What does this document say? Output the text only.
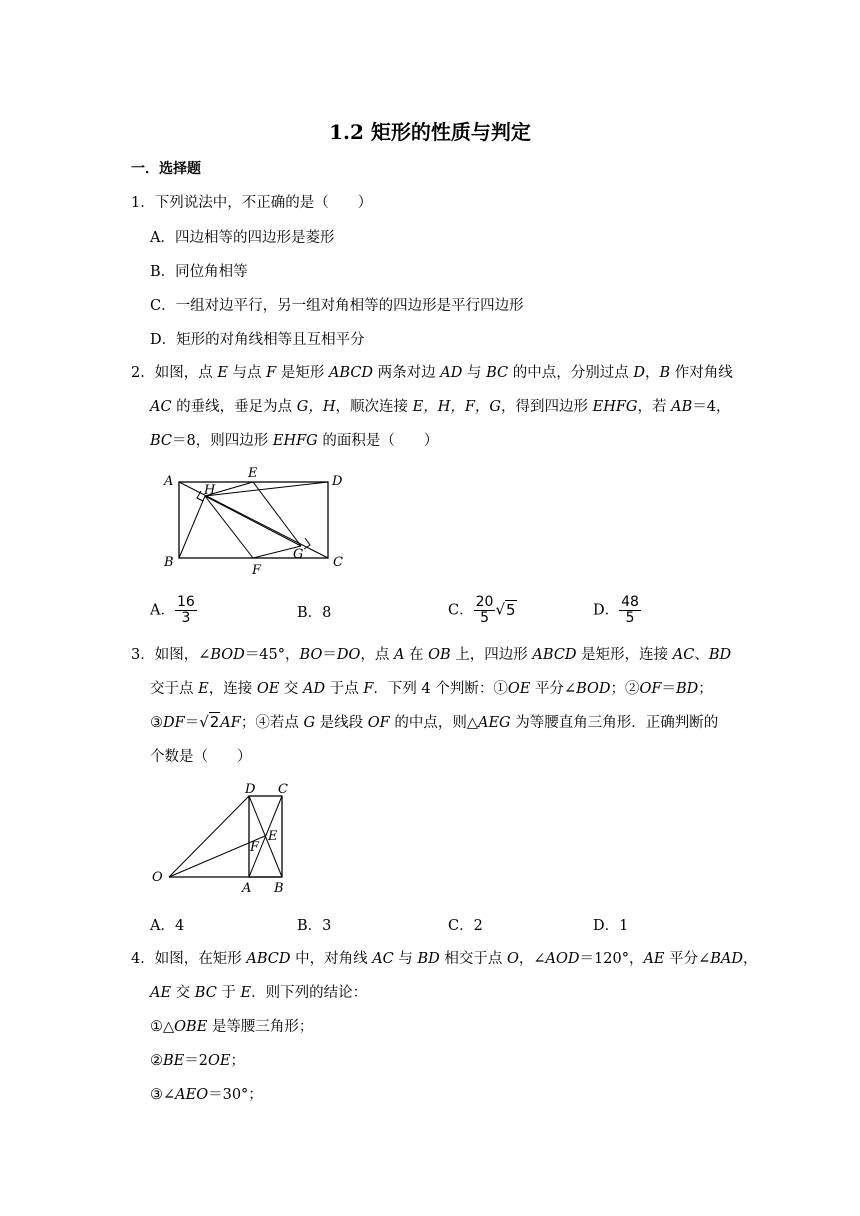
1.2 矩形的性质与判定
一．选择题
1．下列说法中，不正确的是（　　）
A．四边相等的四边形是菱形
B．同位角相等
C．一组对边平行，另一组对角相等的四边形是平行四边形
D．矩形的对角线相等且互相平分
2．如图，点 E 与点 F 是矩形 ABCD 两条对边 AD 与 BC 的中点，分别过点 D，B 作对角线
AC 的垂线，垂足为点 G，H，顺次连接 E，H，F，G，得到四边形 EHFG，若 AB＝4，
BC＝8，则四边形 EHFG 的面积是（　　）
A
B	C
D
E
F
G
H
A． $\frac{16}{3}$	B．8	C． $\frac{20}{5} √5$	D． $\frac{48}{5}$
3．如图，∠BOD＝45°，BO＝DO，点 A 在 OB 上，四边形 ABCD 是矩形，连接 AC、BD
交于点 E，连接 OE 交 AD 于点 F．下列 4 个判断：①OE 平分∠BOD；②OF＝BD；
③DF＝√2AF；④若点 G 是线段 OF 的中点，则△AEG 为等腰直角三角形．正确判断的
个数是（　　）
O
A B
C
D
E
F
A．4	B．3	C．2	D．1
4．如图，在矩形 ABCD 中，对角线 AC 与 BD 相交于点 O，∠AOD＝120°，AE 平分∠BAD，
AE 交 BC 于 E．则下列的结论：
①△OBE 是等腰三角形；
②BE＝2OE；
③∠AEO＝30°；
